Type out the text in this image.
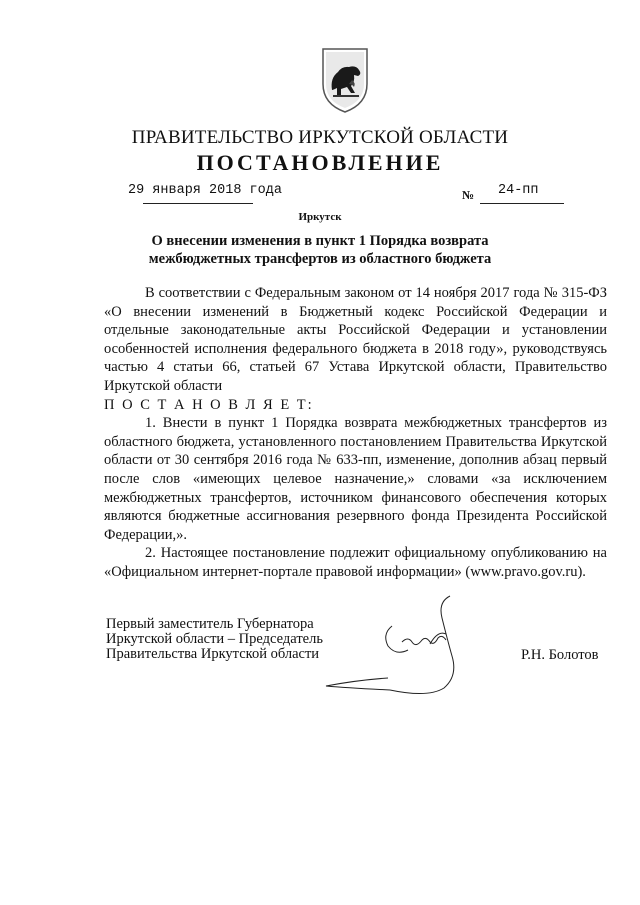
ПРАВИТЕЛЬСТВО ИРКУТСКОЙ ОБЛАСТИ
ПОСТАНОВЛЕНИЕ
29 января 2018 года	№ 24-пп
Иркутск
О внесении изменения в пункт 1 Порядка возврата межбюджетных трансфертов из областного бюджета

В соответствии с Федеральным законом от 14 ноября 2017 года № 315-ФЗ «О внесении изменений в Бюджетный кодекс Российской Федерации и отдельные законодательные акты Российской Федерации и установлении особенностей исполнения федерального бюджета в 2018 году», руководствуясь частью 4 статьи 66, статьей 67 Устава Иркутской области, Правительство Иркутской области

П О С Т А Н О В Л Я Е Т:

1. Внести в пункт 1 Порядка возврата межбюджетных трансфертов из областного бюджета, установленного постановлением Правительства Иркутской области от 30 сентября 2016 года № 633-пп, изменение, дополнив абзац первый после слов «имеющих целевое назначение,» словами «за исключением межбюджетных трансфертов, источником финансового обеспечения которых являются бюджетные ассигнования резервного фонда Президента Российской Федерации,».

2. Настоящее постановление подлежит официальному опубликованию на «Официальном интернет-портале правовой информации» (www.pravo.gov.ru).

Первый заместитель Губернатора
Иркутской области – Председатель
Правительства Иркутской области	Р.Н. Болотов
